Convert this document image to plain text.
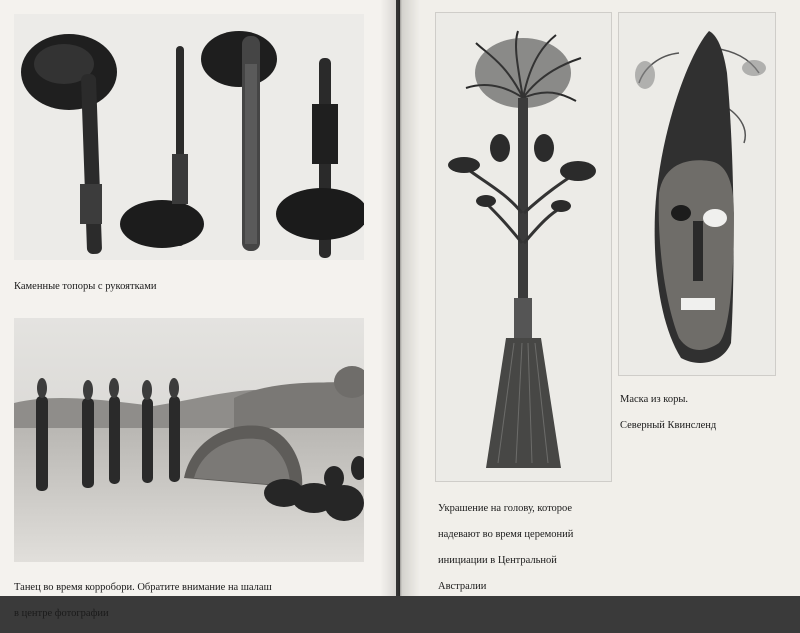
Каменные топоры с рукоятками

Танец во время корробори. Обратите внимание на шалаш

в центре фотографии

Украшение на голову, которое

надевают во время церемоний

инициации в Центральной

Австралии

Маска из коры.

Северный Квинсленд
